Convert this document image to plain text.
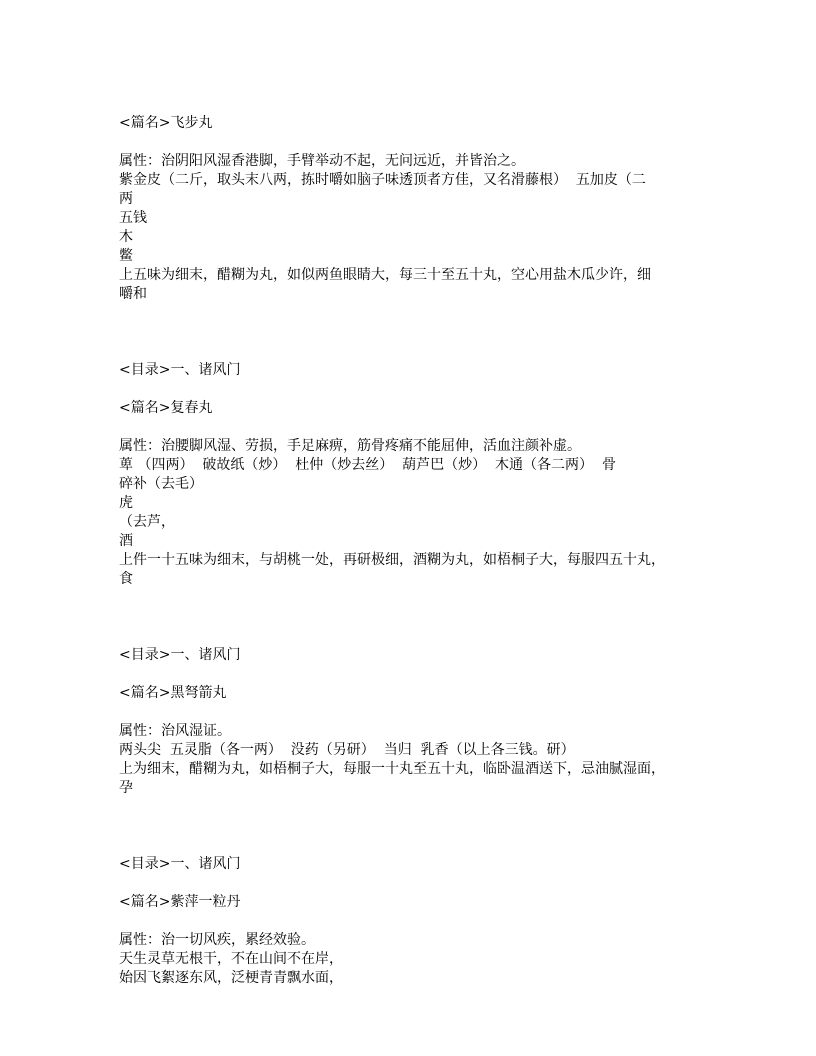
<篇名>飞步丸

属性：治阴阳风湿香港脚，手臂举动不起，无问远近，并皆治之。

紫金皮（二斤，取头末八两，拣时嚼如脑子味透顶者方佳，又名滑藤根）  五加皮（二

两

五钱

木

鳖

上五味为细末，醋糊为丸，如似两鱼眼睛大，每三十至五十丸，空心用盐木瓜少许，细

嚼和

<目录>一、诸风门

<篇名>复春丸

属性：治腰脚风湿、劳损，手足麻痹，筋骨疼痛不能屈伸，活血注颜补虚。

萆 （四两）  破故纸（炒）  杜仲（炒去丝）  葫芦巴（炒）  木通（各二两）  骨

碎补（去毛）

虎

（去芦，

酒

上件一十五味为细末，与胡桃一处，再研极细，酒糊为丸，如梧桐子大，每服四五十丸，

食

<目录>一、诸风门

<篇名>黑弩箭丸

属性：治风湿证。

两头尖  五灵脂（各一两）  没药（另研）  当归  乳香（以上各三钱。研）

上为细末，醋糊为丸，如梧桐子大，每服一十丸至五十丸，临卧温酒送下，忌油腻湿面，

孕

<目录>一、诸风门

<篇名>紫萍一粒丹

属性：治一切风疾，累经效验。

天生灵草无根干，不在山间不在岸，

始因飞絮逐东风，泛梗青青飘水面，
